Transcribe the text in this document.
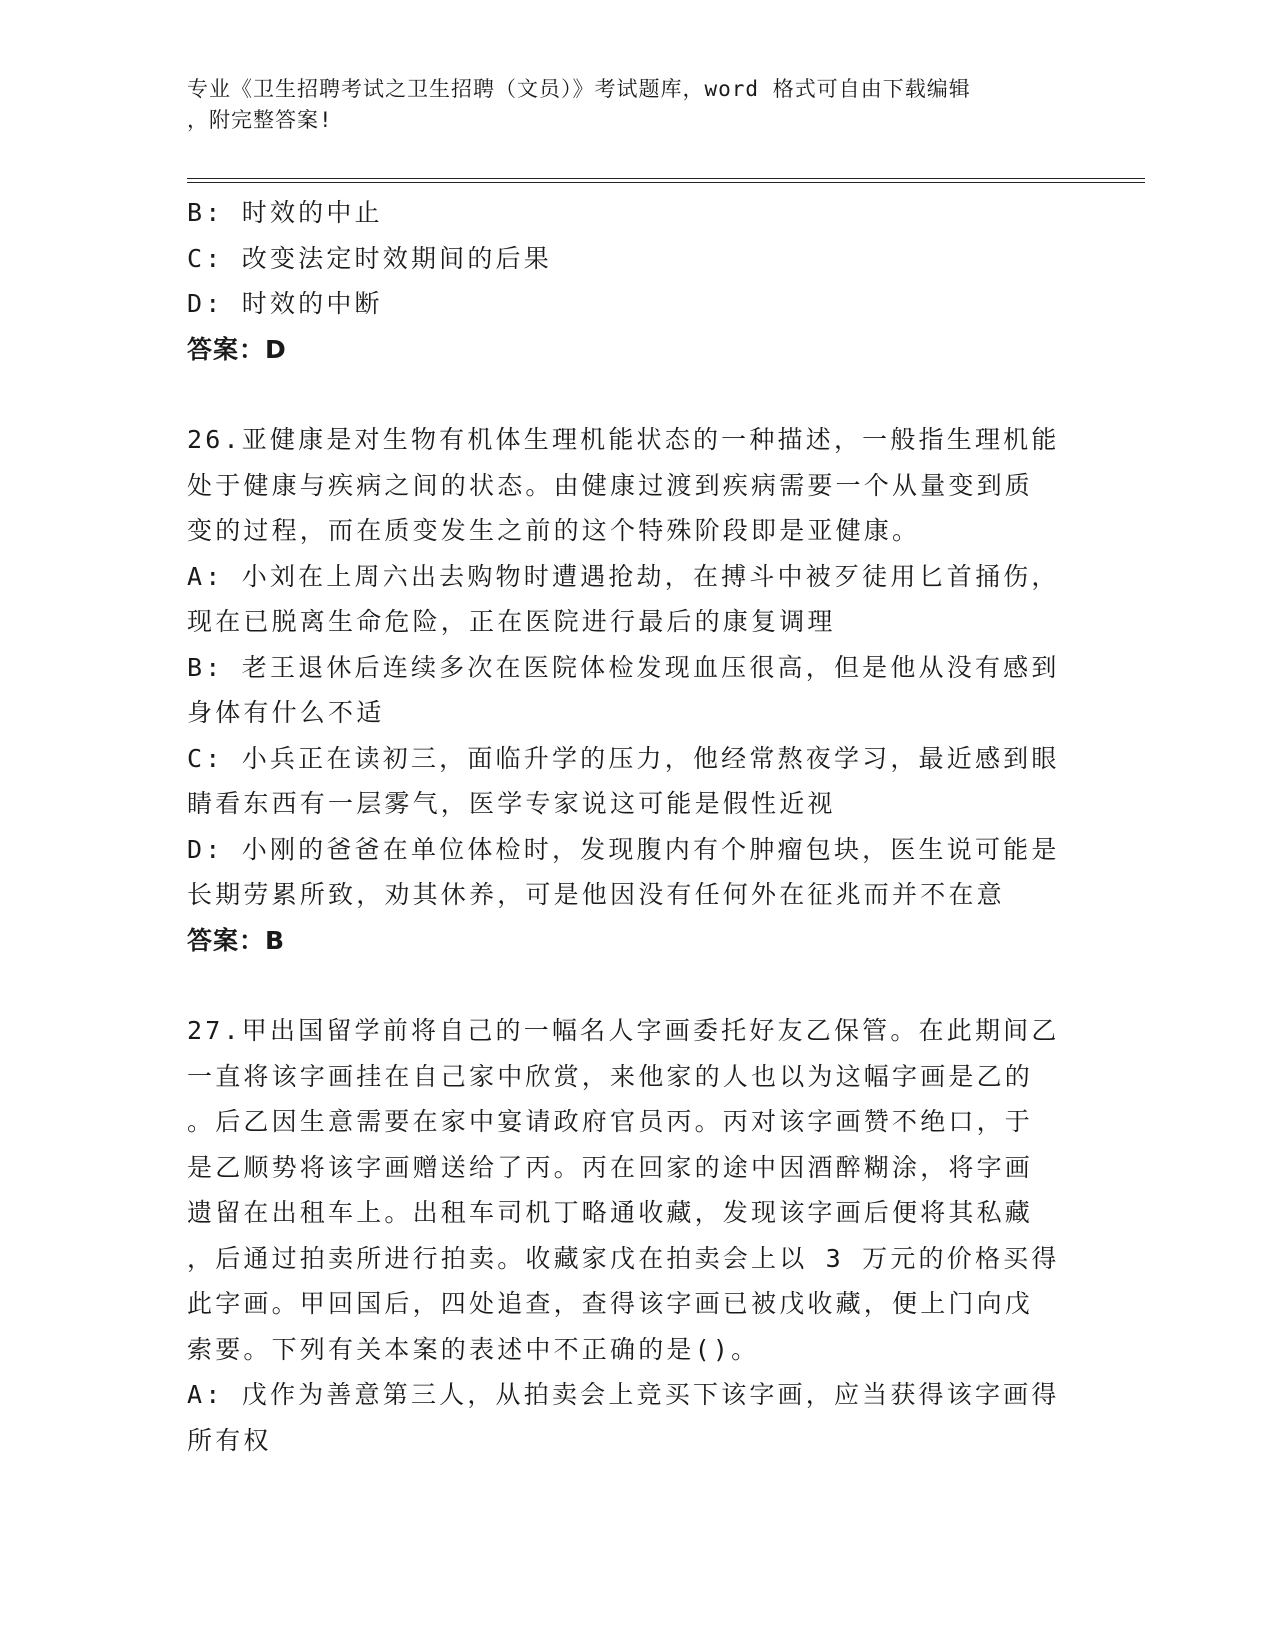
专业《卫生招聘考试之卫生招聘（文员）》考试题库，word 格式可自由下载编辑
，附完整答案!
B: 时效的中止
C: 改变法定时效期间的后果
D: 时效的中断
答案：D
26.亚健康是对生物有机体生理机能状态的一种描述，一般指生理机能
处于健康与疾病之间的状态。由健康过渡到疾病需要一个从量变到质
变的过程，而在质变发生之前的这个特殊阶段即是亚健康。
A: 小刘在上周六出去购物时遭遇抢劫，在搏斗中被歹徒用匕首捅伤，
现在已脱离生命危险，正在医院进行最后的康复调理
B: 老王退休后连续多次在医院体检发现血压很高，但是他从没有感到
身体有什么不适
C: 小兵正在读初三，面临升学的压力，他经常熬夜学习，最近感到眼
睛看东西有一层雾气，医学专家说这可能是假性近视
D: 小刚的爸爸在单位体检时，发现腹内有个肿瘤包块，医生说可能是
长期劳累所致，劝其休养，可是他因没有任何外在征兆而并不在意
答案：B
27.甲出国留学前将自己的一幅名人字画委托好友乙保管。在此期间乙
一直将该字画挂在自己家中欣赏，来他家的人也以为这幅字画是乙的
。后乙因生意需要在家中宴请政府官员丙。丙对该字画赞不绝口，于
是乙顺势将该字画赠送给了丙。丙在回家的途中因酒醉糊涂，将字画
遗留在出租车上。出租车司机丁略通收藏，发现该字画后便将其私藏
，后通过拍卖所进行拍卖。收藏家戊在拍卖会上以 3 万元的价格买得
此字画。甲回国后，四处追查，查得该字画已被戊收藏，便上门向戊
索要。下列有关本案的表述中不正确的是()。
A: 戊作为善意第三人，从拍卖会上竞买下该字画，应当获得该字画得
所有权
